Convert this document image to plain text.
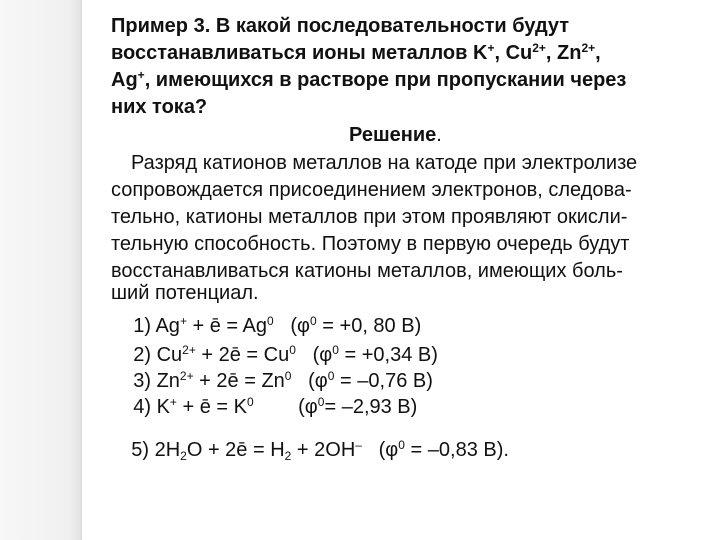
Пример 3. В какой последовательности будут
восстанавливаться ионы металлов K+, $Cu^{2+}$, $Zn^{2+}$,
Ag+, имеющихся в растворе при пропускании через
них тока?
Решение.
Разряд катионов металлов на катоде при электролизе
сопровождается присоединением электронов, следова-
тельно, катионы металлов при этом проявляют окисли-
тельную способность. Поэтому в первую очередь будут
восстанавливаться катионы металлов, имеющих боль-
ший потенциал.

1) Ag+ + ē = $Ag^0$   ($\varphi^0 = +0$, 80 В)

2) $Cu^{2+}$ + 2ē = $Cu^0$   ($\varphi^0 = +0,34$ В)

3) $Zn^{2+}$ + 2ē = $Zn^0$   ($\varphi^0 = -0,76$ В)

4) K+ + ē = $K^0$        ($\varphi^0= -2,93$ В)

5) $2H_2O$ + 2ē = $H_2 + 2OH^-$   ($\varphi^0 = -0,83$ В).
